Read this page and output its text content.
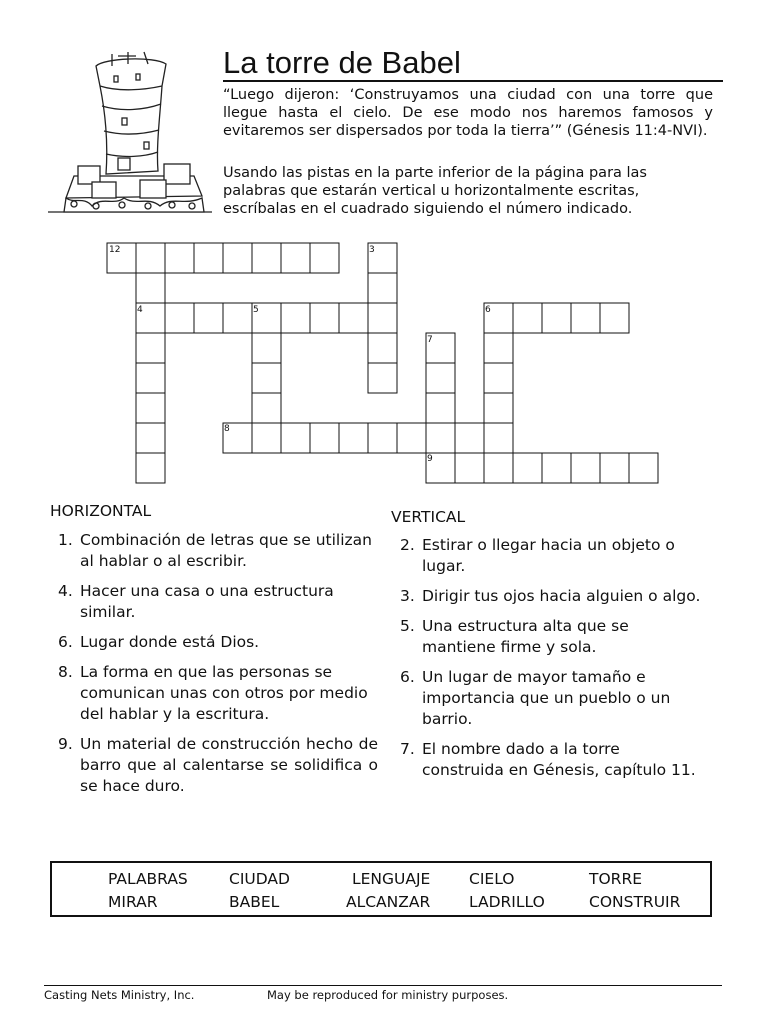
La torre de Babel
“Luego dijeron: ‘Construyamos una ciudad con una torre que llegue hasta el cielo. De ese modo nos haremos famosos y evitaremos ser dispersados por toda la tierra’” (Génesis 11:4-NVI).
Usando las pistas en la parte inferior de la página para las palabras que estarán vertical u horizontalmente escritas, escríbalas en el cuadrado siguiendo el número indicado.
12	3
4	5	6
7
8
9
HORIZONTAL
1. Combinación de letras que se utilizan al hablar o al escribir.
4. Hacer una casa o una estructura similar.
6. Lugar donde está Dios.
8. La forma en que las personas se comunican unas con otros por medio del hablar y la escritura.
9. Un material de construcción hecho de barro que al calentarse se solidifica o se hace duro.
VERTICAL
2. Estirar o llegar hacia un objeto o lugar.
3. Dirigir tus ojos hacia alguien o algo.
5. Una estructura alta que se mantiene firme y sola.
6. Un lugar de mayor tamaño e importancia que un pueblo o un barrio.
7. El nombre dado a la torre construida en Génesis, capítulo 11.
PALABRAS	CIUDAD	LENGUAJE CIELO	TORRE
MIRAR	BABEL	ALCANZAR LADRILLO	CONSTRUIR
Casting Nets Ministry, Inc.	May be reproduced for ministry purposes.
